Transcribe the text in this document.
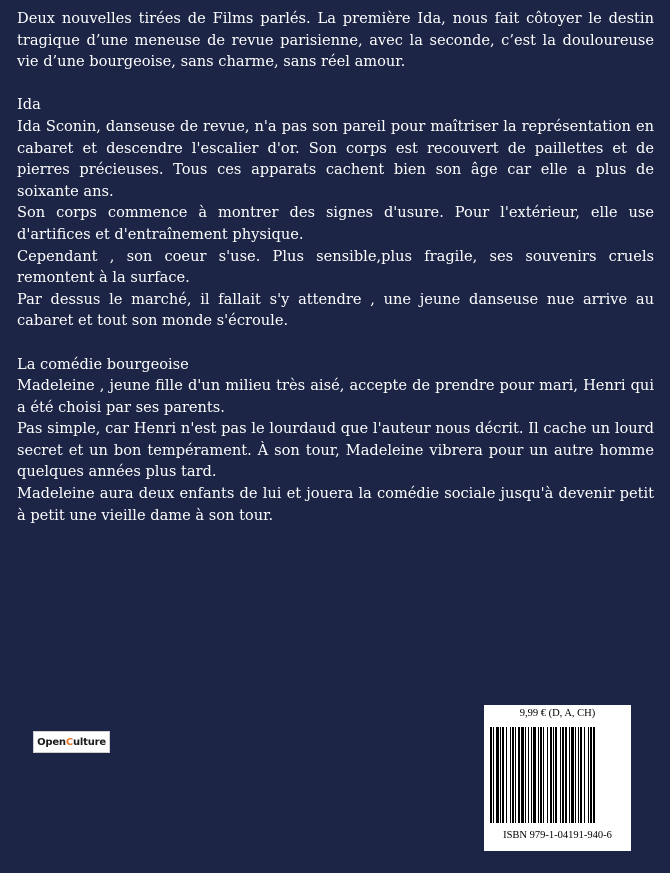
Deux nouvelles tirées de Films parlés. La première Ida, nous fait côtoyer le destin tragique d’une meneuse de revue parisienne, avec la seconde, c’est la douloureuse vie d’une bourgeoise, sans charme, sans réel amour.

Ida

Ida Sconin, danseuse de revue, n'a pas son pareil pour maîtriser la représentation en cabaret et descendre l'escalier d'or. Son corps est recouvert de paillettes et de pierres précieuses. Tous ces apparats cachent bien son âge car elle a plus de soixante ans.

Son corps commence à montrer des signes d'usure. Pour l'extérieur, elle use d'artifices et d'entraînement physique.

Cependant , son coeur s'use. Plus sensible,plus fragile, ses souvenirs cruels remontent à la surface.

Par dessus le marché, il fallait s'y attendre , une jeune danseuse nue arrive au cabaret et tout son monde s'écroule.

La comédie bourgeoise

Madeleine , jeune fille d'un milieu très aisé, accepte de prendre pour mari, Henri qui a été choisi par ses parents.

Pas simple, car Henri n'est pas le lourdaud que l'auteur nous décrit. Il cache un lourd secret et un bon tempérament. À son tour, Madeleine vibrera pour un autre homme quelques années plus tard.

Madeleine aura deux enfants de lui et jouera la comédie sociale jusqu'à devenir petit à petit une vieille dame à son tour.

Open C ulture
9,99 € (D, A, CH)
ISBN 979-1-04191-940-6
